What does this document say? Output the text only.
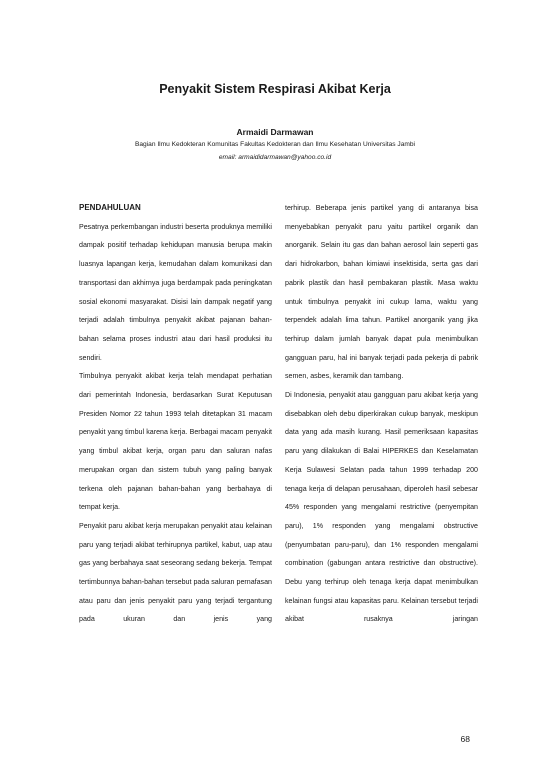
Penyakit Sistem Respirasi Akibat Kerja
Armaidi Darmawan
Bagian Ilmu Kedokteran Komunitas Fakultas Kedokteran dan Ilmu Kesehatan Universitas Jambi
email: armaidi​darmawan@yahoo.co.id

Pesatnya perkembangan industri beserta produknya memiliki dampak positif terhadap kehidupan manusia berupa makin luasnya lapangan kerja, kemudahan dalam komunikasi dan transportasi dan akhirnya juga berdampak pada peningkatan sosial ekonomi masyarakat. Disisi lain dampak negatif yang terjadi adalah timbulnya penyakit akibat pajanan bahan-bahan selama proses industri atau dari hasil produksi itu sendiri.

Timbulnya penyakit akibat kerja telah mendapat perhatian dari pemerintah Indonesia, berdasarkan Surat Keputusan Presiden Nomor 22 tahun 1993 telah ditetapkan 31 macam penyakit yang timbul karena kerja. Berbagai macam penyakit yang timbul akibat kerja, organ paru dan saluran nafas merupakan organ dan sistem tubuh yang paling banyak terkena oleh pajanan bahan-bahan yang berbahaya di tempat kerja.

Penyakit paru akibat kerja merupakan penyakit atau kelainan paru yang terjadi akibat terhirupnya partikel, kabut, uap atau gas yang berbahaya saat seseorang sedang bekerja. Tempat tertimbunnya bahan-bahan tersebut pada saluran pernafasan atau paru dan jenis penyakit paru yang terjadi tergantung pada ukuran dan jenis yang

PENDAHULUAN	terhirup. Beberapa jenis partikel yang di antaranya bisa menyebabkan penyakit paru yaitu partikel organik dan anorganik. Selain itu gas dan bahan aerosol lain seperti gas dari hidrokarbon, bahan kimiawi insektisida, serta gas dari pabrik plastik dan hasil pembakaran plastik. Masa waktu untuk timbulnya penyakit ini cukup lama, waktu yang terpendek adalah lima tahun. Partikel anorganik yang jika terhirup dalam jumlah banyak dapat pula menimbulkan gangguan paru, hal ini banyak terjadi pada pekerja di pabrik semen, asbes, keramik dan tambang.

Di Indonesia, penyakit atau gangguan paru akibat kerja yang disebabkan oleh debu diperkirakan cukup banyak, meskipun data yang ada masih kurang. Hasil pemeriksaan kapasitas paru yang dilakukan di Balai HIPERKES dan Keselamatan Kerja Sulawesi Selatan pada tahun 1999 terhadap 200 tenaga kerja di delapan perusahaan, diperoleh hasil sebesar 45% responden yang mengalami restrictive (penyempitan paru), 1% responden yang mengalami obstructive (penyumbatan paru-paru), dan 1% responden mengalami combination (gabungan antara restrictive dan obstructive). Debu yang terhirup oleh tenaga kerja dapat menimbulkan kelainan fungsi atau kapasitas paru. Kelainan tersebut terjadi akibat rusaknya jaringan

68
